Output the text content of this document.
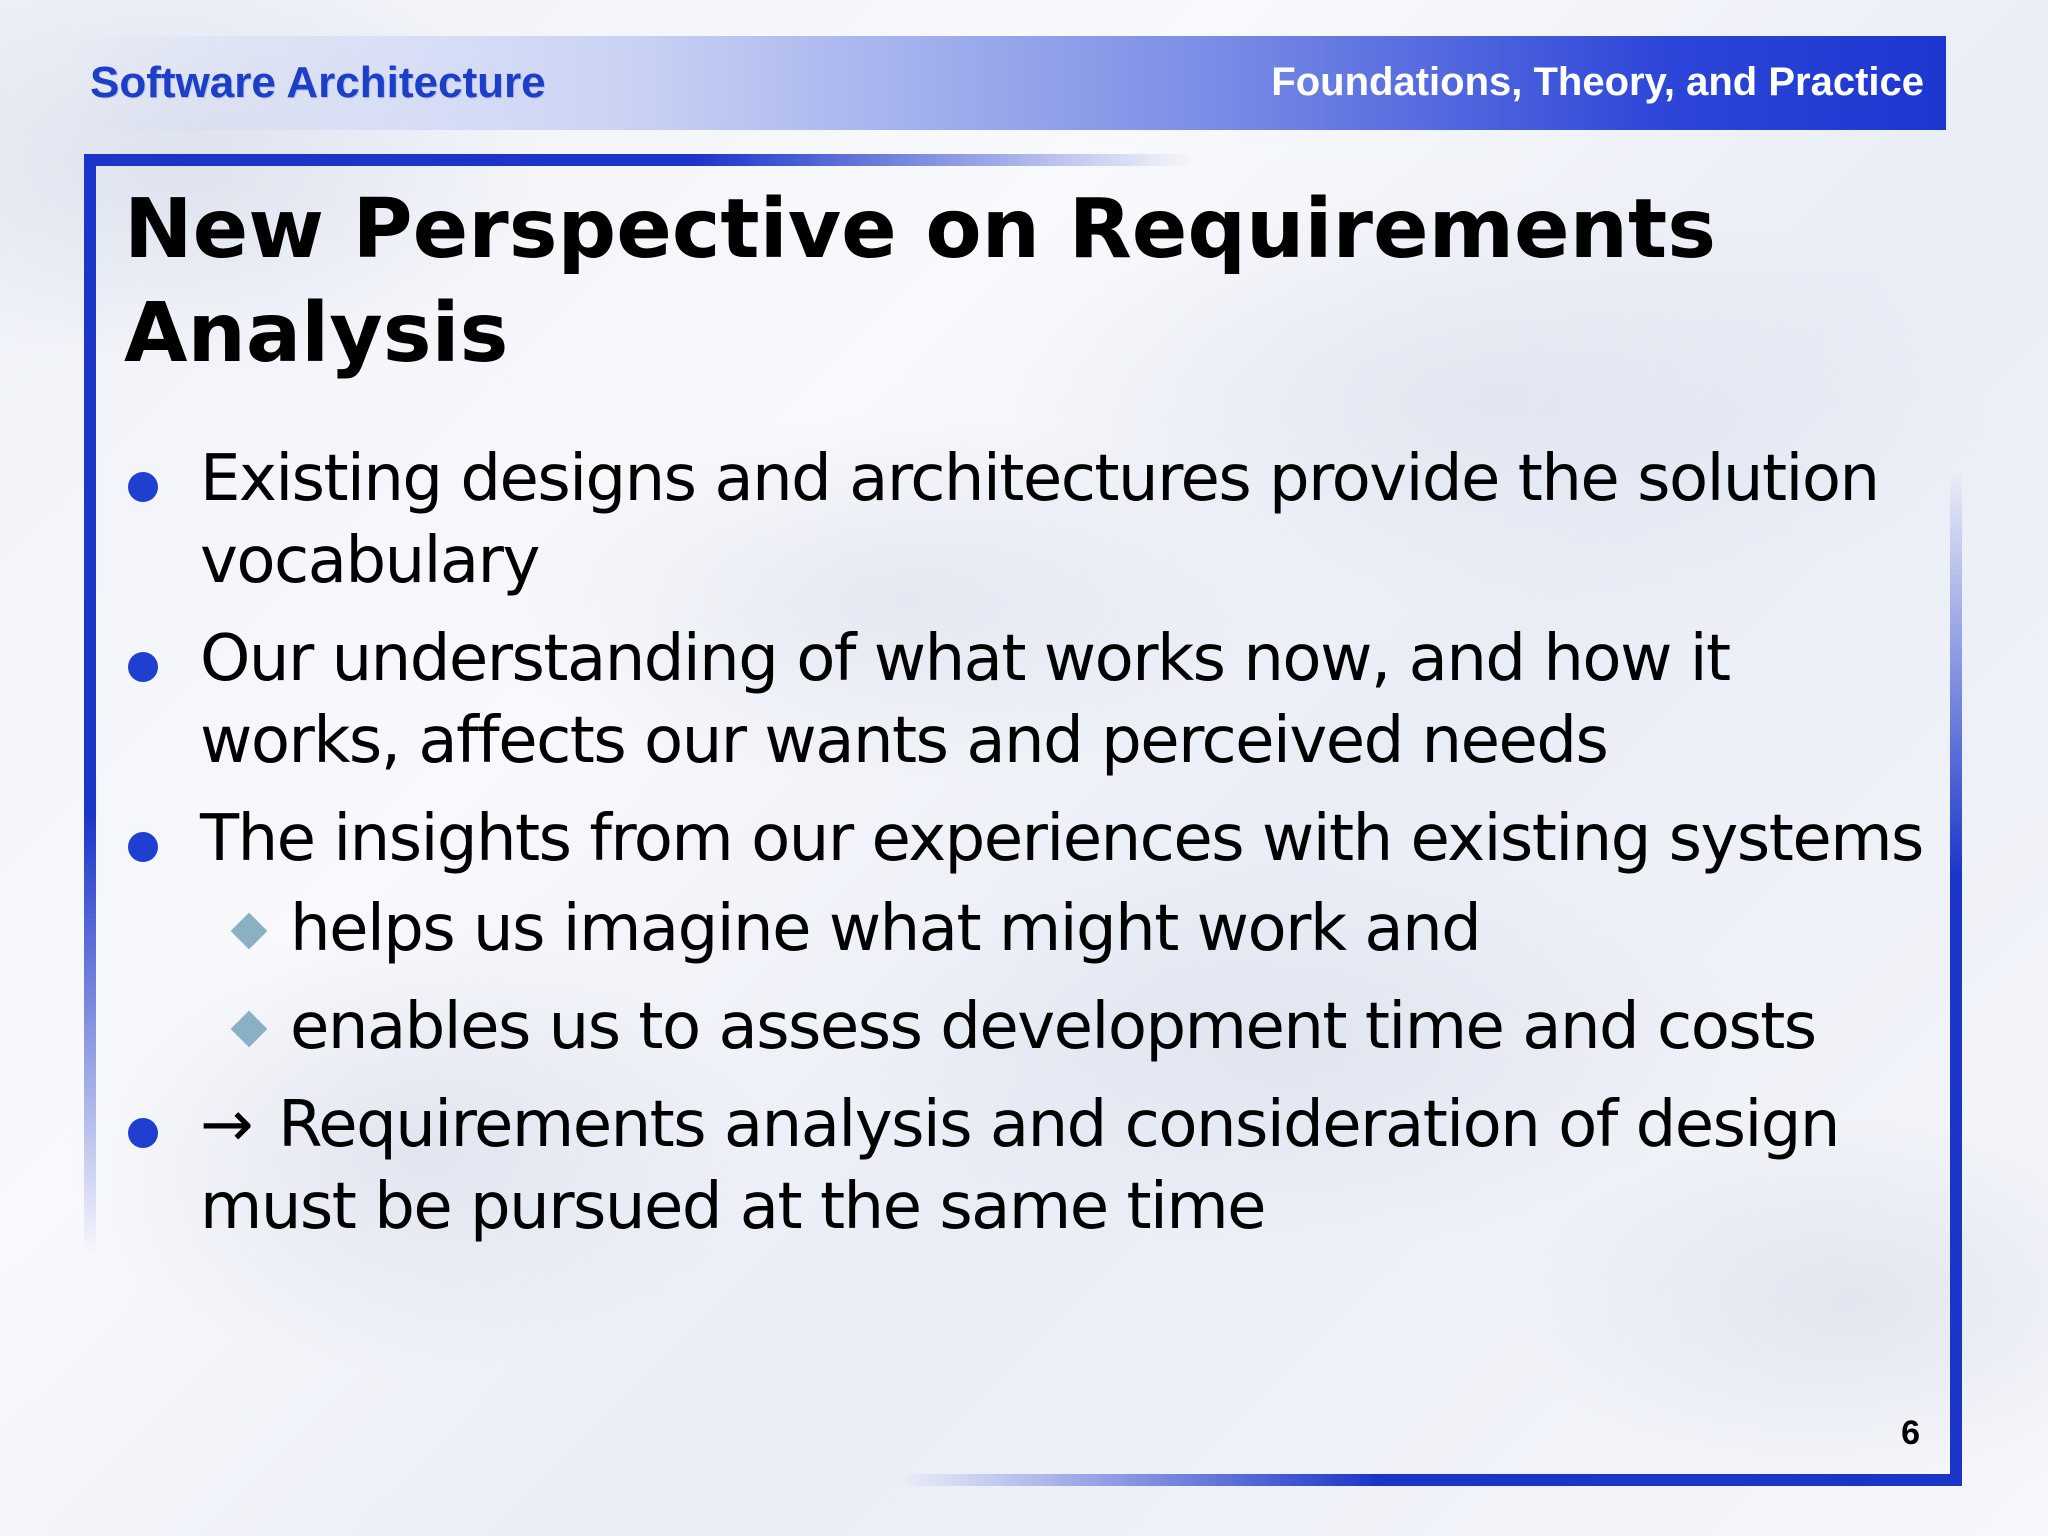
Software Architecture	Foundations, Theory, and Practice
New Perspective on Requirements Analysis
Existing designs and architectures provide the solution vocabulary
Our understanding of what works now, and how it works, affects our wants and perceived needs
The insights from our experiences with existing systems
helps us imagine what might work and
enables us to assess development time and costs
→ Requirements analysis and consideration of design must be pursued at the same time
6
